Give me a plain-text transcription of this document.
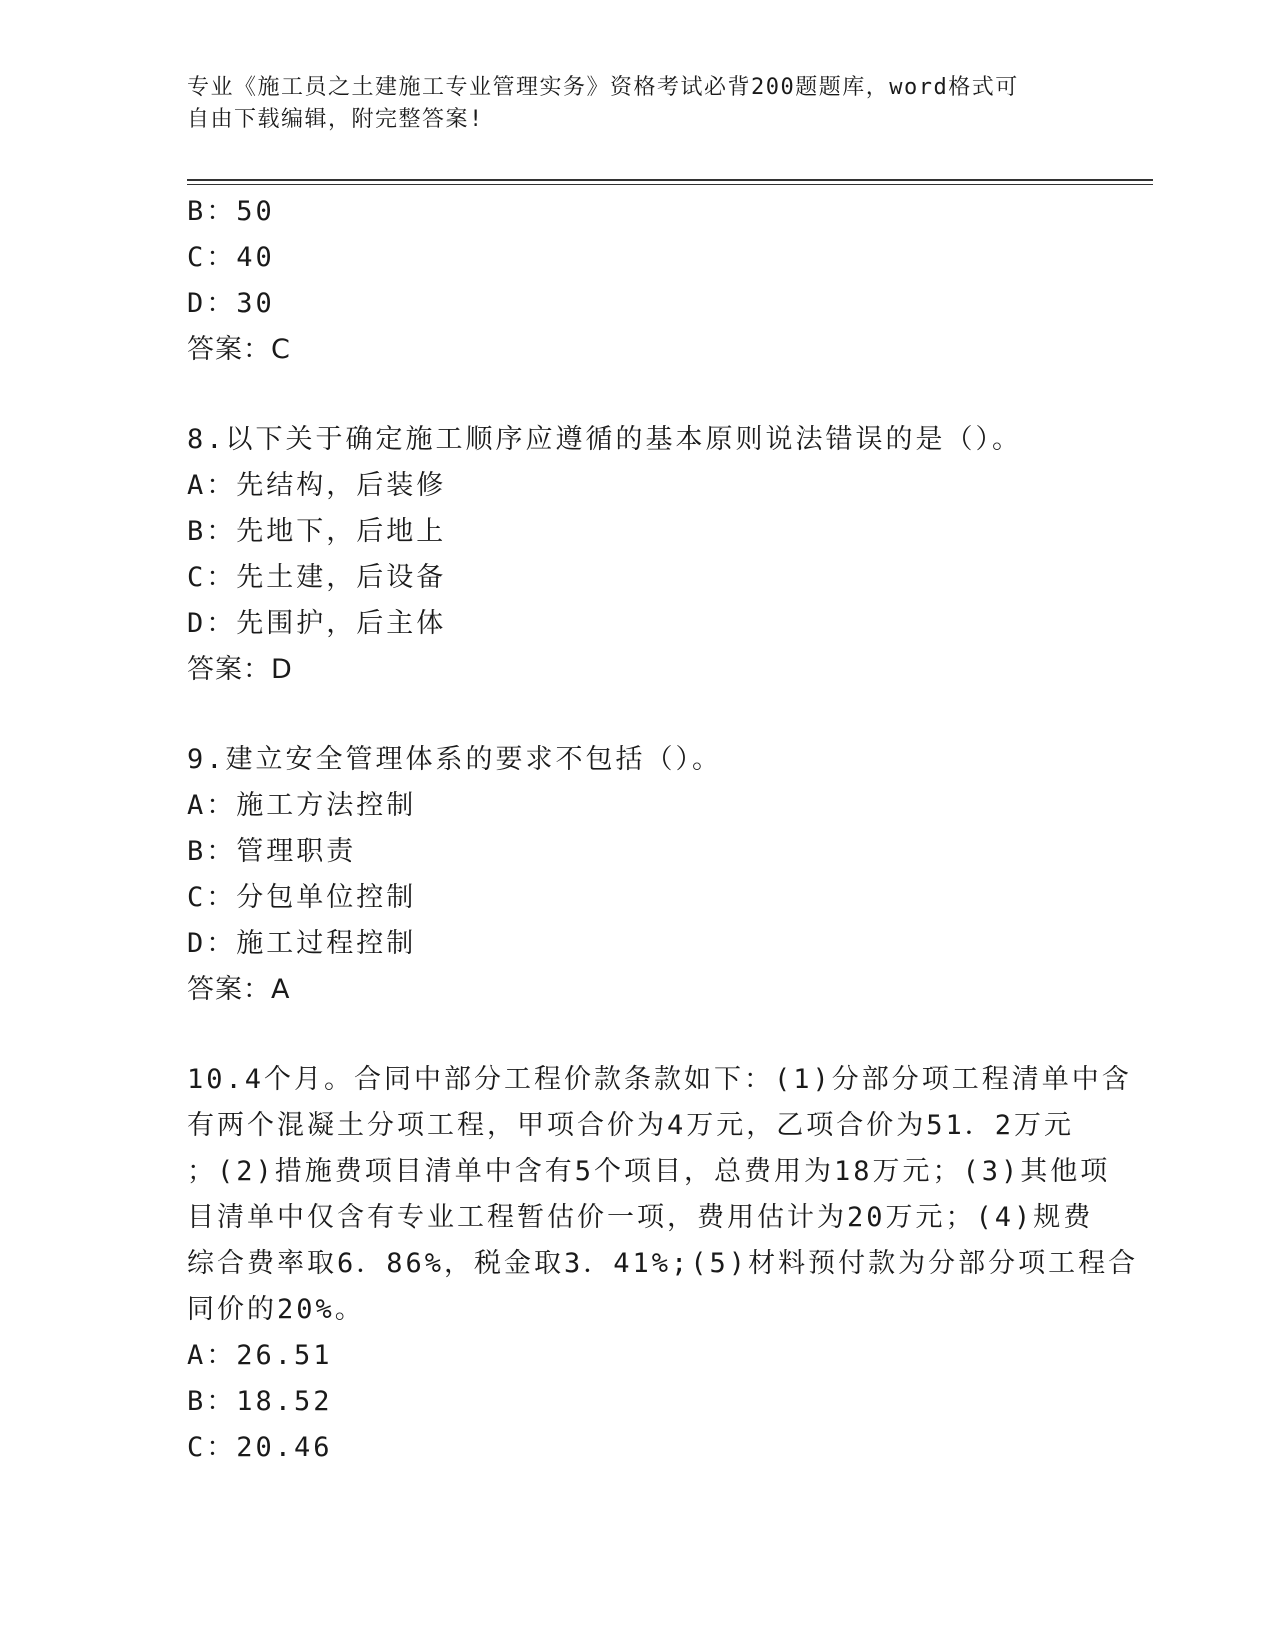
专业《施工员之土建施工专业管理实务》资格考试必背200题题库，word格式可
自由下载编辑，附完整答案!
B：50
C：40
D：30
答案：C
8.以下关于确定施工顺序应遵循的基本原则说法错误的是（）。
A：先结构，后装修
B：先地下，后地上
C：先土建，后设备
D：先围护，后主体
答案：D
9.建立安全管理体系的要求不包括（）。
A：施工方法控制
B：管理职责
C：分包单位控制
D：施工过程控制
答案：A
10.4个月。合同中部分工程价款条款如下：(1)分部分项工程清单中含
有两个混凝土分项工程，甲项合价为4万元，乙项合价为51．2万元
；(2)措施费项目清单中含有5个项目，总费用为18万元；(3)其他项
目清单中仅含有专业工程暂估价一项，费用估计为20万元；(4)规费
综合费率取6．86%，税金取3．41%;(5)材料预付款为分部分项工程合
同价的20%。
A：26.51
B：18.52
C：20.46
